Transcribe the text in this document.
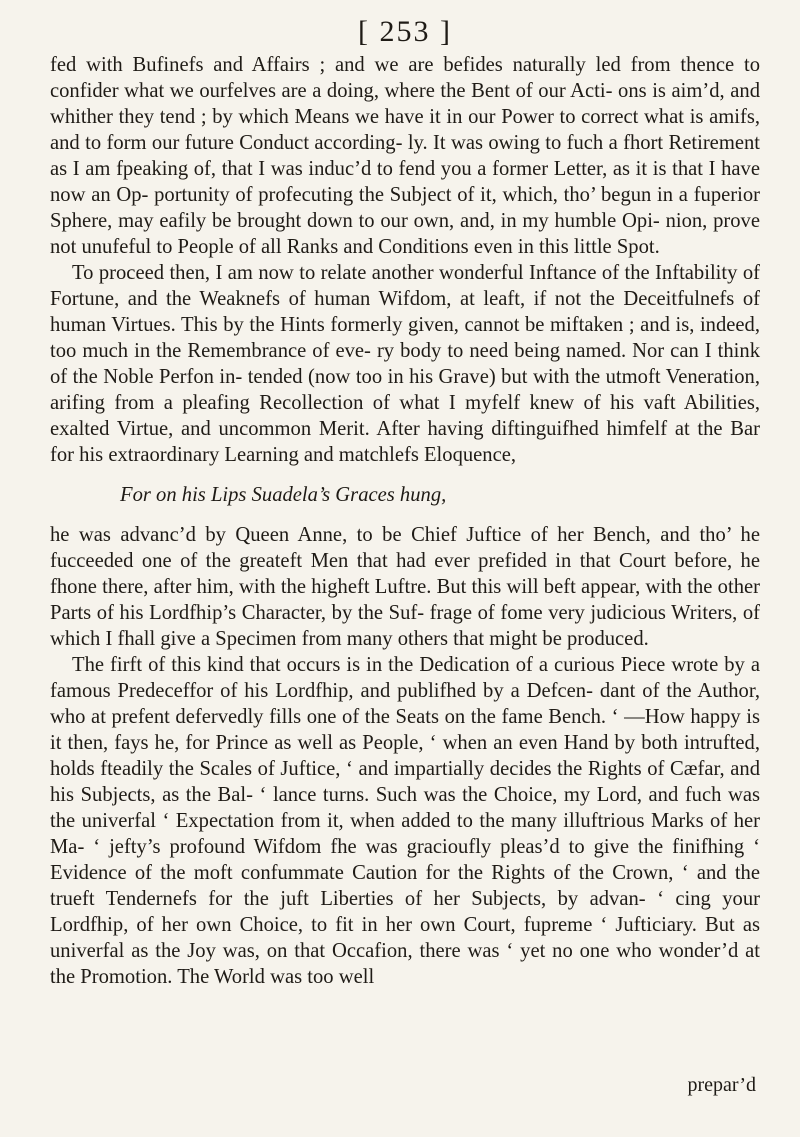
[ 253 ]

fed with Bufinefs and Affairs ; and we are befides naturally led from thence to confider what we ourfelves are a doing, where the Bent of our Acti- ons is aim’d, and whither they tend ; by which Means we have it in our Power to correct what is amifs, and to form our future Conduct according- ly. It was owing to fuch a fhort Retirement as I am fpeaking of, that I was induc’d to fend you a former Letter, as it is that I have now an Op- portunity of profecuting the Subject of it, which, tho’ begun in a fuperior Sphere, may eafily be brought down to our own, and, in my humble Opi- nion, prove not unufeful to People of all Ranks and Conditions even in this little Spot.

To proceed then, I am now to relate another wonderful Inftance of the Inftability of Fortune, and the Weaknefs of human Wifdom, at leaft, if not the Deceitfulnefs of human Virtues. This by the Hints formerly given, cannot be miftaken ; and is, indeed, too much in the Remembrance of eve- ry body to need being named. Nor can I think of the Noble Perfon in- tended (now too in his Grave) but with the utmoft Veneration, arifing from a pleafing Recollection of what I myfelf knew of his vaft Abilities, exalted Virtue, and uncommon Merit. After having diftinguifhed himfelf at the Bar for his extraordinary Learning and matchlefs Eloquence,

For on his Lips Suadela’s Graces hung,

he was advanc’d by Queen Anne, to be Chief Juftice of her Bench, and tho’ he fucceeded one of the greateft Men that had ever prefided in that Court before, he fhone there, after him, with the higheft Luftre. But this will beft appear, with the other Parts of his Lordfhip’s Character, by the Suf- frage of fome very judicious Writers, of which I fhall give a Specimen from many others that might be produced.

The firft of this kind that occurs is in the Dedication of a curious Piece wrote by a famous Predeceffor of his Lordfhip, and publifhed by a Defcen- dant of the Author, who at prefent defervedly fills one of the Seats on the fame Bench. ‘ —How happy is it then, fays he, for Prince as well as People, ‘ when an even Hand by both intrufted, holds fteadily the Scales of Juftice, ‘ and impartially decides the Rights of Cæfar, and his Subjects, as the Bal- ‘ lance turns. Such was the Choice, my Lord, and fuch was the univerfal ‘ Expectation from it, when added to the many illuftrious Marks of her Ma- ‘ jefty’s profound Wifdom fhe was gracioufly pleas’d to give the finifhing ‘ Evidence of the moft confummate Caution for the Rights of the Crown, ‘ and the trueft Tendernefs for the juft Liberties of her Subjects, by advan- ‘ cing your Lordfhip, of her own Choice, to fit in her own Court, fupreme ‘ Jufticiary. But as univerfal as the Joy was, on that Occafion, there was ‘ yet no one who wonder’d at the Promotion. The World was too well

prepar’d
